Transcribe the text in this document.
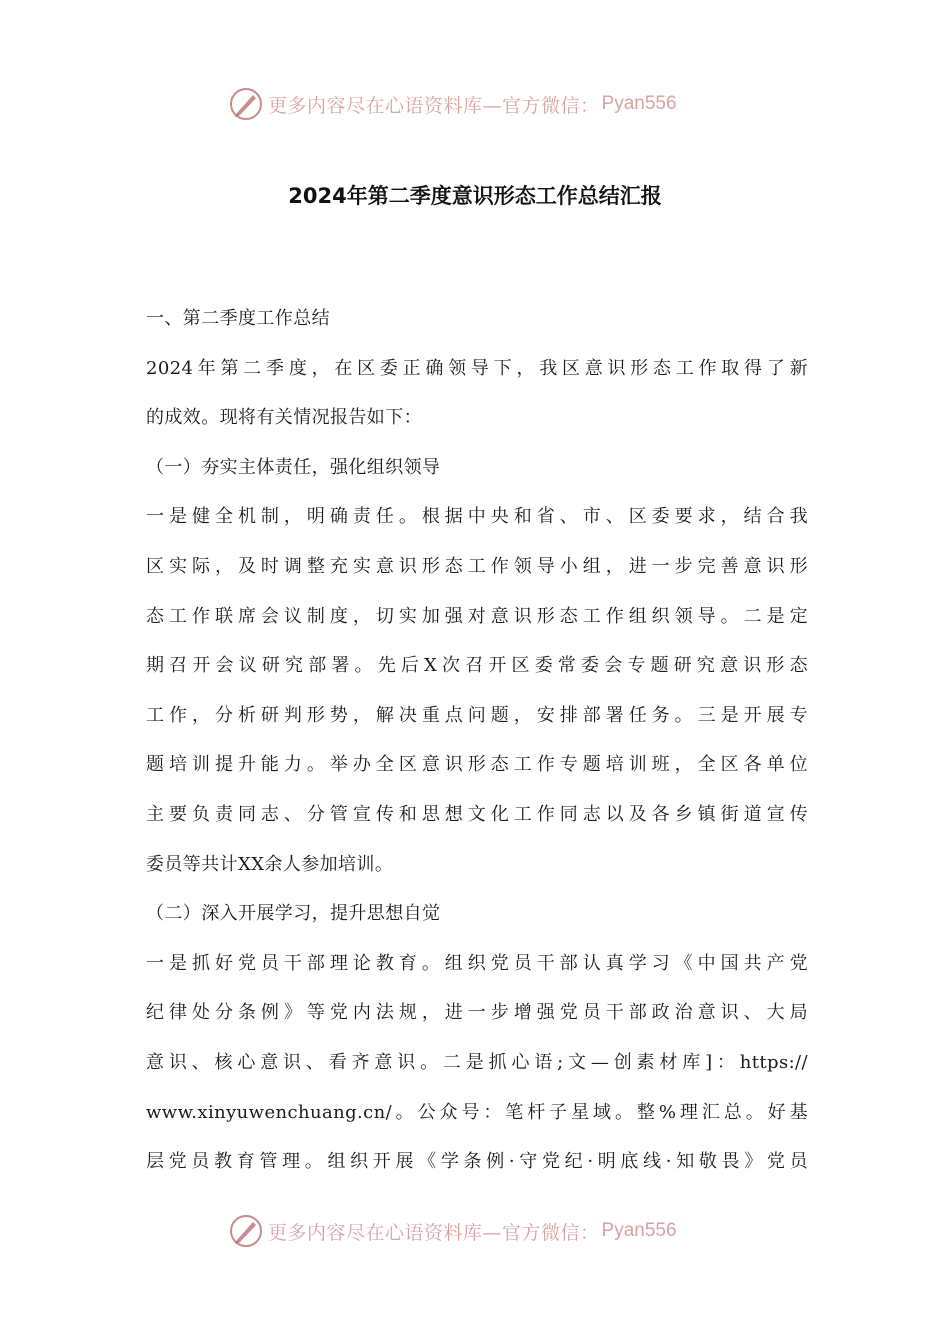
更多内容尽在心语资料库—官方微信： Pyan556
2024年第二季度意识形态工作总结汇报
一、第二季度工作总结
2024年第二季度，在区委正确领导下，我区意识形态工作取得了新
的成效。现将有关情况报告如下：
（一）夯实主体责任，强化组织领导
一是健全机制，明确责任。根据中央和省、市、区委要求，结合我
区实际，及时调整充实意识形态工作领导小组，进一步完善意识形
态工作联席会议制度，切实加强对意识形态工作组织领导。二是定
期召开会议研究部署。先后X次召开区委常委会专题研究意识形态
工作，分析研判形势，解决重点问题，安排部署任务。三是开展专
题培训提升能力。举办全区意识形态工作专题培训班，全区各单位
主要负责同志、分管宣传和思想文化工作同志以及各乡镇街道宣传
委员等共计XX余人参加培训。
（二）深入开展学习，提升思想自觉
一是抓好党员干部理论教育。组织党员干部认真学习《中国共产党
纪律处分条例》等党内法规，进一步增强党员干部政治意识、大局
意识、核心意识、看齐意识。二是抓心语;文—创素材库]：https://
www.xinyuwenchuang.cn/。公众号：笔杆子星域。整%理汇总。好基
层党员教育管理。组织开展《学条例·守党纪·明底线·知敬畏》党员
更多内容尽在心语资料库—官方微信： Pyan556
